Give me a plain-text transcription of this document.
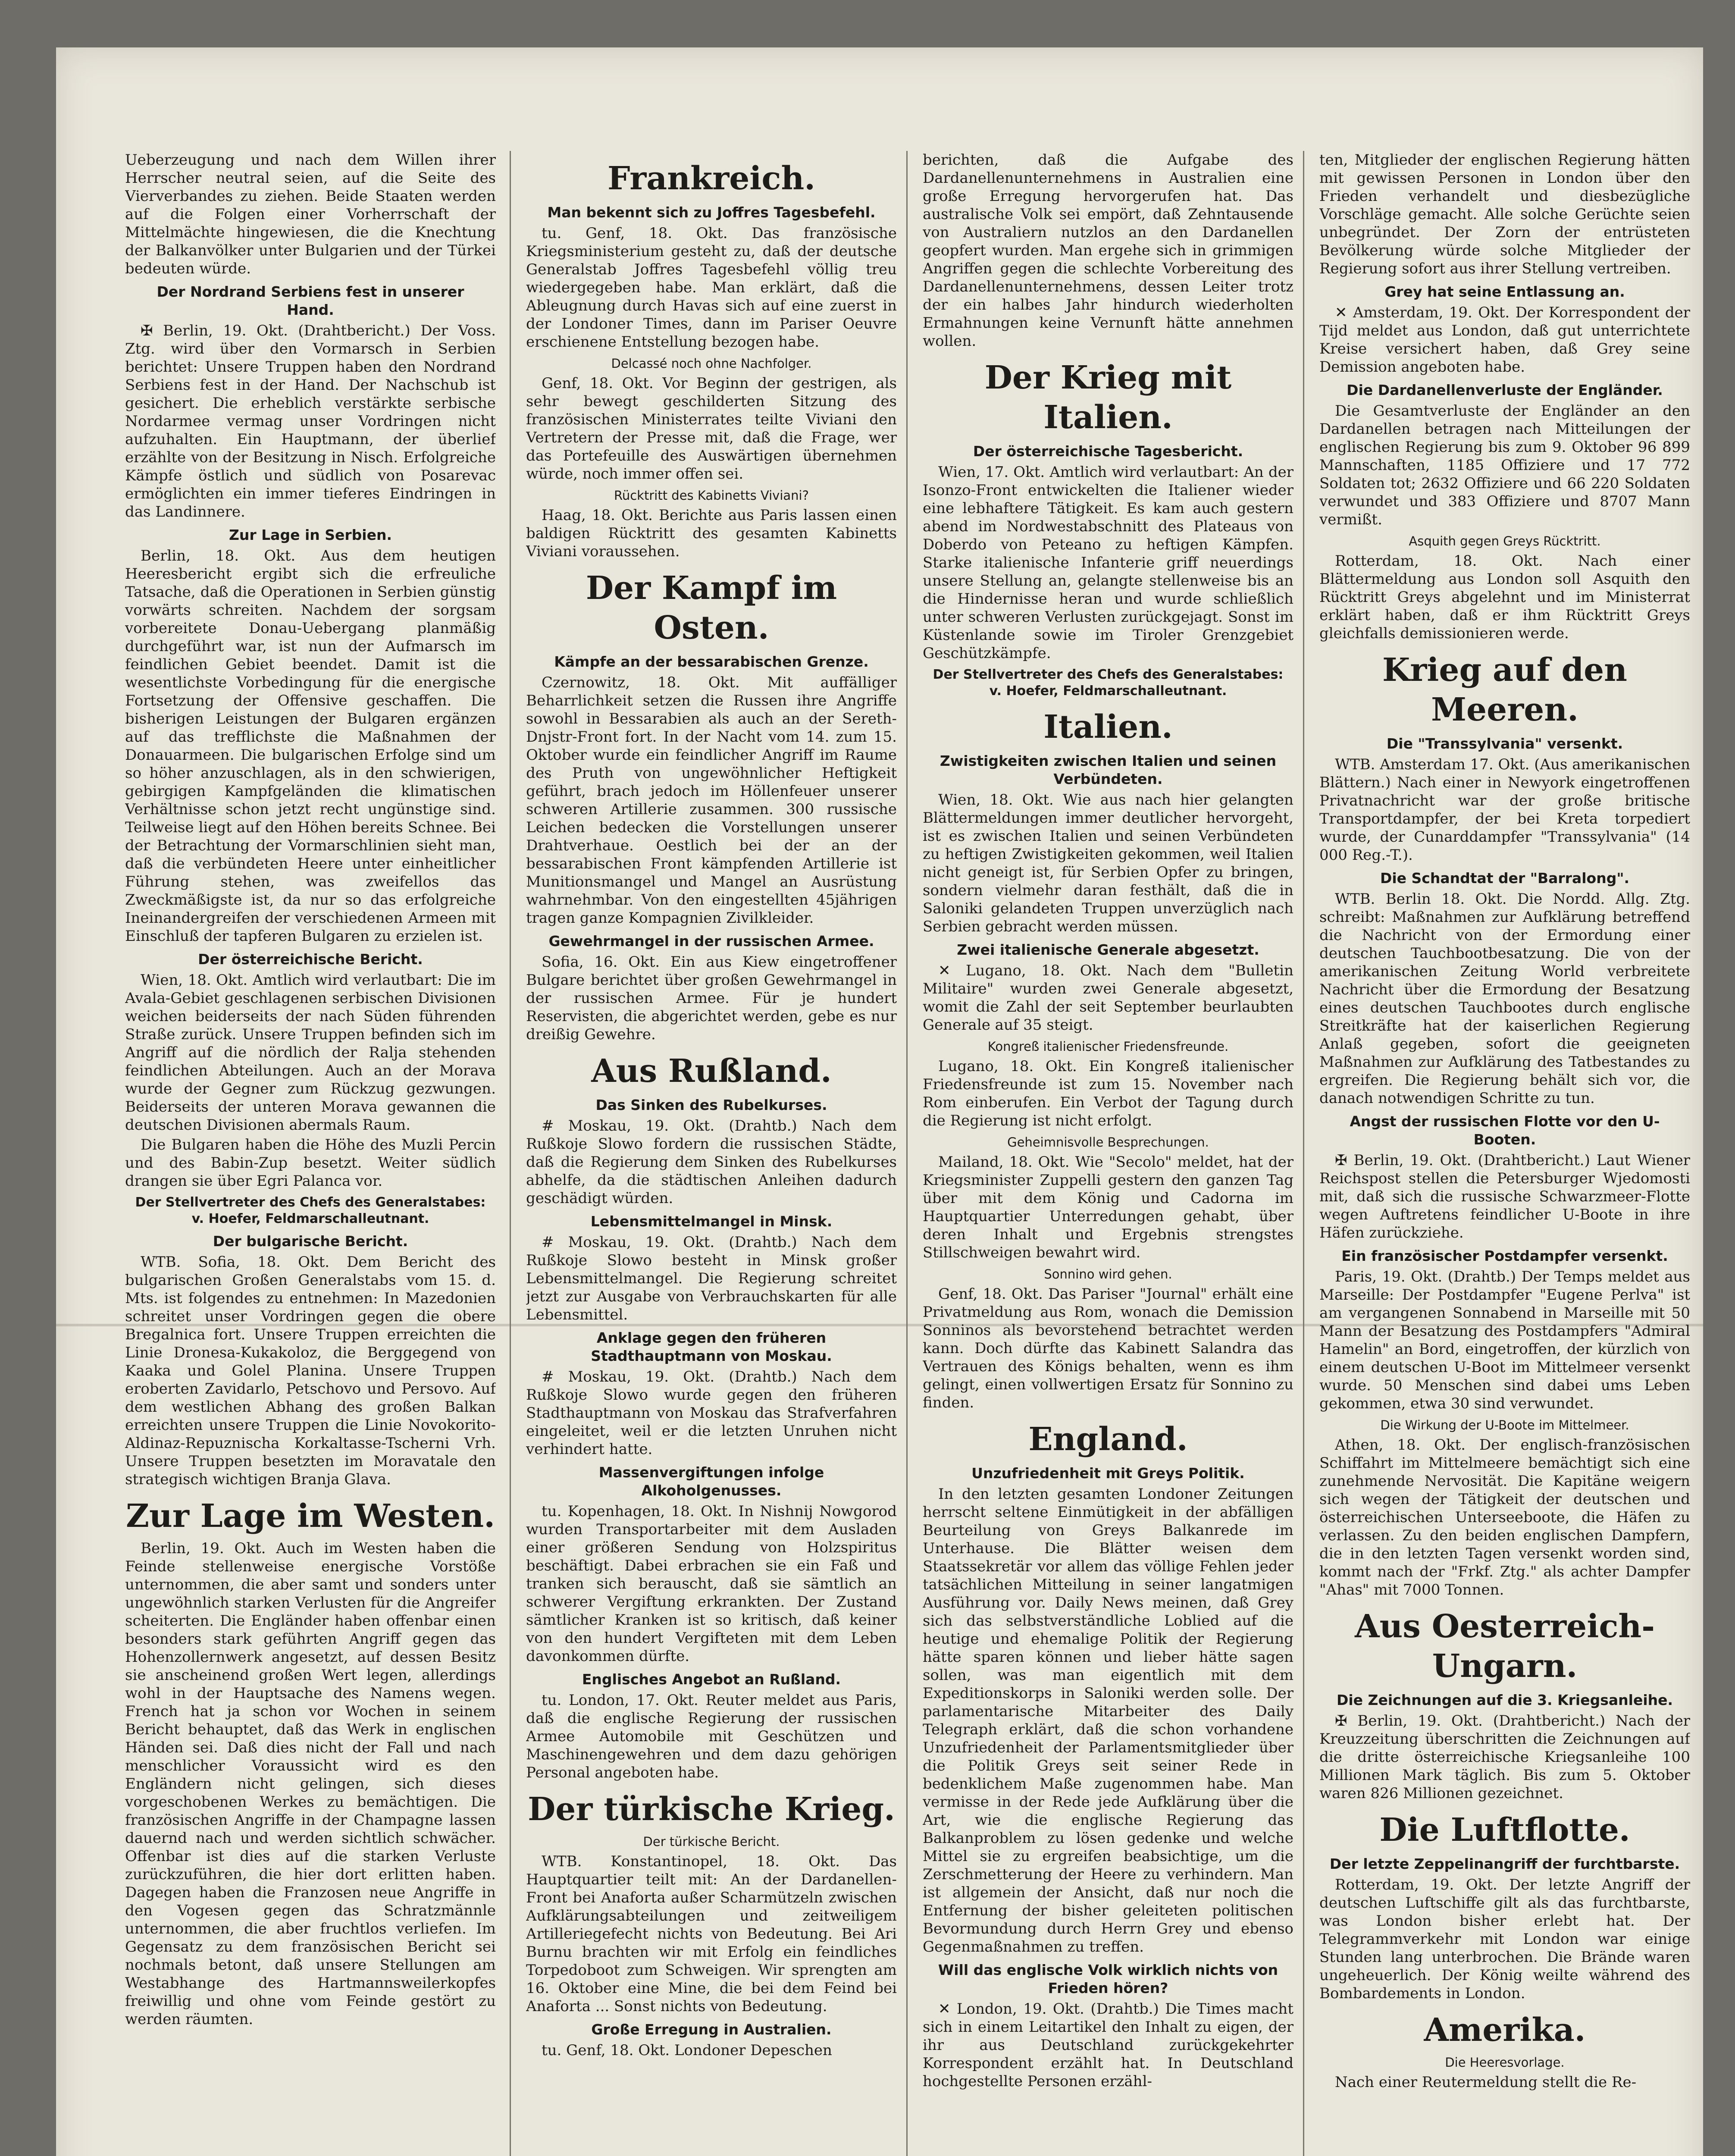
Ueberzeugung und nach dem Willen ihrer Herrscher neutral seien, auf die Seite des Vierverbandes zu ziehen. Beide Staaten werden auf die Folgen einer Vorherrschaft der Mittelmächte hingewiesen, die die Knechtung der Balkanvölker unter Bulgarien und der Türkei bedeuten würde.

Der Nordrand Serbiens fest in unserer Hand.

✠ Berlin, 19. Okt. (Drahtbericht.) Der Voss. Ztg. wird über den Vormarsch in Serbien berichtet: Unsere Truppen haben den Nordrand Serbiens fest in der Hand. Der Nachschub ist gesichert. Die erheblich verstärkte serbische Nordarmee vermag unser Vordringen nicht aufzuhalten. Ein Hauptmann, der überlief erzählte von der Besitzung in Nisch. Erfolgreiche Kämpfe östlich und südlich von Posarevac ermöglichten ein immer tieferes Eindringen in das Landinnere.

Zur Lage in Serbien.

Berlin, 18. Okt. Aus dem heutigen Heeresbericht ergibt sich die erfreuliche Tatsache, daß die Operationen in Serbien günstig vorwärts schreiten. Nachdem der sorgsam vorbereitete Donau-Uebergang planmäßig durchgeführt war, ist nun der Aufmarsch im feindlichen Gebiet beendet. Damit ist die wesentlichste Vorbedingung für die energische Fortsetzung der Offensive geschaffen. Die bisherigen Leistungen der Bulgaren ergänzen auf das trefflichste die Maßnahmen der Donauarmeen. Die bulgarischen Erfolge sind um so höher anzuschlagen, als in den schwierigen, gebirgigen Kampfgeländen die klimatischen Verhältnisse schon jetzt recht ungünstige sind. Teilweise liegt auf den Höhen bereits Schnee. Bei der Betrachtung der Vormarschlinien sieht man, daß die verbündeten Heere unter einheitlicher Führung stehen, was zweifellos das Zweckmäßigste ist, da nur so das erfolgreiche Ineinandergreifen der verschiedenen Armeen mit Einschluß der tapferen Bulgaren zu erzielen ist.

Der österreichische Bericht.

Wien, 18. Okt. Amtlich wird verlautbart: Die im Avala-Gebiet geschlagenen serbischen Divisionen weichen beiderseits der nach Süden führenden Straße zurück. Unsere Truppen befinden sich im Angriff auf die nördlich der Ralja stehenden feindlichen Abteilungen. Auch an der Morava wurde der Gegner zum Rückzug gezwungen. Beiderseits der unteren Morava gewannen die deutschen Divisionen abermals Raum.

Die Bulgaren haben die Höhe des Muzli Percin und des Babin-Zup besetzt. Weiter südlich drangen sie über Egri Palanca vor.

Der Stellvertreter des Chefs des Generalstabes: v. Hoefer, Feldmarschalleutnant.
Der bulgarische Bericht.

WTB. Sofia, 18. Okt. Dem Bericht des bulgarischen Großen Generalstabs vom 15. d. Mts. ist folgendes zu entnehmen: In Mazedonien schreitet unser Vordringen gegen die obere Bregalnica fort. Unsere Truppen erreichten die Linie Dronesa-Kukakoloz, die Berggegend von Kaaka und Golel Planina. Unsere Truppen eroberten Zavidarlo, Petschovo und Persovo. Auf dem westlichen Abhang des großen Balkan erreichten unsere Truppen die Linie Novokorito-Aldinaz-Repuznischa Korkaltasse-Tscherni Vrh. Unsere Truppen besetzten im Moravatale den strategisch wichtigen Branja Glava.

Zur Lage im Westen.

Berlin, 19. Okt. Auch im Westen haben die Feinde stellenweise energische Vorstöße unternommen, die aber samt und sonders unter ungewöhnlich starken Verlusten für die Angreifer scheiterten. Die Engländer haben offenbar einen besonders stark geführten Angriff gegen das Hohenzollernwerk angesetzt, auf dessen Besitz sie anscheinend großen Wert legen, allerdings wohl in der Hauptsache des Namens wegen. French hat ja schon vor Wochen in seinem Bericht behauptet, daß das Werk in englischen Händen sei. Daß dies nicht der Fall und nach menschlicher Voraussicht wird es den Engländern nicht gelingen, sich dieses vorgeschobenen Werkes zu bemächtigen. Die französischen Angriffe in der Champagne lassen dauernd nach und werden sichtlich schwächer. Offenbar ist dies auf die starken Verluste zurückzuführen, die hier dort erlitten haben. Dagegen haben die Franzosen neue Angriffe in den Vogesen gegen das Schratzmännle unternommen, die aber fruchtlos verliefen. Im Gegensatz zu dem französischen Bericht sei nochmals betont, daß unsere Stellungen am Westabhange des Hartmannsweilerkopfes freiwillig und ohne vom Feinde gestört zu werden räumten.

Frankreich.
Man bekennt sich zu Joffres Tagesbefehl.

tu. Genf, 18. Okt. Das französische Kriegsministerium gesteht zu, daß der deutsche Generalstab Joffres Tagesbefehl völlig treu wiedergegeben habe. Man erklärt, daß die Ableugnung durch Havas sich auf eine zuerst in der Londoner Times, dann im Pariser Oeuvre erschienene Entstellung bezogen habe.

Delcassé noch ohne Nachfolger.

Genf, 18. Okt. Vor Beginn der gestrigen, als sehr bewegt geschilderten Sitzung des französischen Ministerrates teilte Viviani den Vertretern der Presse mit, daß die Frage, wer das Portefeuille des Auswärtigen übernehmen würde, noch immer offen sei.

Rücktritt des Kabinetts Viviani?

Haag, 18. Okt. Berichte aus Paris lassen einen baldigen Rücktritt des gesamten Kabinetts Viviani voraussehen.

Der Kampf im Osten.
Kämpfe an der bessarabischen Grenze.

Czernowitz, 18. Okt. Mit auffälliger Beharrlichkeit setzen die Russen ihre Angriffe sowohl in Bessarabien als auch an der Sereth-Dnjstr-Front fort. In der Nacht vom 14. zum 15. Oktober wurde ein feindlicher Angriff im Raume des Pruth von ungewöhnlicher Heftigkeit geführt, brach jedoch im Höllenfeuer unserer schweren Artillerie zusammen. 300 russische Leichen bedecken die Vorstellungen unserer Drahtverhaue. Oestlich bei der an der bessarabischen Front kämpfenden Artillerie ist Munitionsmangel und Mangel an Ausrüstung wahrnehmbar. Von den eingestellten 45jährigen tragen ganze Kompagnien Zivilkleider.

Gewehrmangel in der russischen Armee.

Sofia, 16. Okt. Ein aus Kiew eingetroffener Bulgare berichtet über großen Gewehrmangel in der russischen Armee. Für je hundert Reservisten, die abgerichtet werden, gebe es nur dreißig Gewehre.

Aus Rußland.
Das Sinken des Rubelkurses.

# Moskau, 19. Okt. (Drahtb.) Nach dem Rußkoje Slowo fordern die russischen Städte, daß die Regierung dem Sinken des Rubelkurses abhelfe, da die städtischen Anleihen dadurch geschädigt würden.

Lebensmittelmangel in Minsk.

# Moskau, 19. Okt. (Drahtb.) Nach dem Rußkoje Slowo besteht in Minsk großer Lebensmittelmangel. Die Regierung schreitet jetzt zur Ausgabe von Verbrauchskarten für alle Lebensmittel.

Anklage gegen den früheren Stadthauptmann von Moskau.

# Moskau, 19. Okt. (Drahtb.) Nach dem Rußkoje Slowo wurde gegen den früheren Stadthauptmann von Moskau das Strafverfahren eingeleitet, weil er die letzten Unruhen nicht verhindert hatte.

Massenvergiftungen infolge Alkoholgenusses.

tu. Kopenhagen, 18. Okt. In Nishnij Nowgorod wurden Transportarbeiter mit dem Ausladen einer größeren Sendung von Holzspiritus beschäftigt. Dabei erbrachen sie ein Faß und tranken sich berauscht, daß sie sämtlich an schwerer Vergiftung erkrankten. Der Zustand sämtlicher Kranken ist so kritisch, daß keiner von den hundert Vergifteten mit dem Leben davonkommen dürfte.

Englisches Angebot an Rußland.

tu. London, 17. Okt. Reuter meldet aus Paris, daß die englische Regierung der russischen Armee Automobile mit Geschützen und Maschinengewehren und dem dazu gehörigen Personal angeboten habe.

Der türkische Krieg.
Der türkische Bericht.

WTB. Konstantinopel, 18. Okt. Das Hauptquartier teilt mit: An der Dardanellen-Front bei Anaforta außer Scharmützeln zwischen Aufklärungsabteilungen und zeitweiligem Artilleriegefecht nichts von Bedeutung. Bei Ari Burnu brachten wir mit Erfolg ein feindliches Torpedoboot zum Schweigen. Wir sprengten am 16. Oktober eine Mine, die bei dem Feind bei Anaforta ... Sonst nichts von Bedeutung.

Große Erregung in Australien.

tu. Genf, 18. Okt. Londoner Depeschen

berichten, daß die Aufgabe des Dardanellenunternehmens in Australien eine große Erregung hervorgerufen hat. Das australische Volk sei empört, daß Zehntausende von Australiern nutzlos an den Dardanellen geopfert wurden. Man ergehe sich in grimmigen Angriffen gegen die schlechte Vorbereitung des Dardanellenunternehmens, dessen Leiter trotz der ein halbes Jahr hindurch wiederholten Ermahnungen keine Vernunft hätte annehmen wollen.

Der Krieg mit Italien.
Der österreichische Tagesbericht.

Wien, 17. Okt. Amtlich wird verlautbart: An der Isonzo-Front entwickelten die Italiener wieder eine lebhaftere Tätigkeit. Es kam auch gestern abend im Nordwestabschnitt des Plateaus von Doberdo von Peteano zu heftigen Kämpfen. Starke italienische Infanterie griff neuerdings unsere Stellung an, gelangte stellenweise bis an die Hindernisse heran und wurde schließlich unter schweren Verlusten zurückgejagt. Sonst im Küstenlande sowie im Tiroler Grenzgebiet Geschützkämpfe.

Der Stellvertreter des Chefs des Generalstabes: v. Hoefer, Feldmarschalleutnant.
Italien.
Zwistigkeiten zwischen Italien und seinen Verbündeten.

Wien, 18. Okt. Wie aus nach hier gelangten Blättermeldungen immer deutlicher hervorgeht, ist es zwischen Italien und seinen Verbündeten zu heftigen Zwistigkeiten gekommen, weil Italien nicht geneigt ist, für Serbien Opfer zu bringen, sondern vielmehr daran festhält, daß die in Saloniki gelandeten Truppen unverzüglich nach Serbien gebracht werden müssen.

Zwei italienische Generale abgesetzt.

✕ Lugano, 18. Okt. Nach dem "Bulletin Militaire" wurden zwei Generale abgesetzt, womit die Zahl der seit September beurlaubten Generale auf 35 steigt.

Kongreß italienischer Friedensfreunde.

Lugano, 18. Okt. Ein Kongreß italienischer Friedensfreunde ist zum 15. November nach Rom einberufen. Ein Verbot der Tagung durch die Regierung ist nicht erfolgt.

Geheimnisvolle Besprechungen.

Mailand, 18. Okt. Wie "Secolo" meldet, hat der Kriegsminister Zuppelli gestern den ganzen Tag über mit dem König und Cadorna im Hauptquartier Unterredungen gehabt, über deren Inhalt und Ergebnis strengstes Stillschweigen bewahrt wird.

Sonnino wird gehen.

Genf, 18. Okt. Das Pariser "Journal" erhält eine Privatmeldung aus Rom, wonach die Demission Sonninos als bevorstehend betrachtet werden kann. Doch dürfte das Kabinett Salandra das Vertrauen des Königs behalten, wenn es ihm gelingt, einen vollwertigen Ersatz für Sonnino zu finden.

England.
Unzufriedenheit mit Greys Politik.

In den letzten gesamten Londoner Zeitungen herrscht seltene Einmütigkeit in der abfälligen Beurteilung von Greys Balkanrede im Unterhause. Die Blätter weisen dem Staatssekretär vor allem das völlige Fehlen jeder tatsächlichen Mitteilung in seiner langatmigen Ausführung vor. Daily News meinen, daß Grey sich das selbstverständliche Loblied auf die heutige und ehemalige Politik der Regierung hätte sparen können und lieber hätte sagen sollen, was man eigentlich mit dem Expeditionskorps in Saloniki werden solle. Der parlamentarische Mitarbeiter des Daily Telegraph erklärt, daß die schon vorhandene Unzufriedenheit der Parlamentsmitglieder über die Politik Greys seit seiner Rede in bedenklichem Maße zugenommen habe. Man vermisse in der Rede jede Aufklärung über die Art, wie die englische Regierung das Balkanproblem zu lösen gedenke und welche Mittel sie zu ergreifen beabsichtige, um die Zerschmetterung der Heere zu verhindern. Man ist allgemein der Ansicht, daß nur noch die Entfernung der bisher geleiteten politischen Bevormundung durch Herrn Grey und ebenso Gegenmaßnahmen zu treffen.

Will das englische Volk wirklich nichts von Frieden hören?

✕ London, 19. Okt. (Drahtb.) Die Times macht sich in einem Leitartikel den Inhalt zu eigen, der ihr aus Deutschland zurückgekehrter Korrespondent erzählt hat. In Deutschland hochgestellte Personen erzähl-

ten, Mitglieder der englischen Regierung hätten mit gewissen Personen in London über den Frieden verhandelt und diesbezügliche Vorschläge gemacht. Alle solche Gerüchte seien unbegründet. Der Zorn der entrüsteten Bevölkerung würde solche Mitglieder der Regierung sofort aus ihrer Stellung vertreiben.

Grey hat seine Entlassung an.

✕ Amsterdam, 19. Okt. Der Korrespondent der Tijd meldet aus London, daß gut unterrichtete Kreise versichert haben, daß Grey seine Demission angeboten habe.

Die Dardanellenverluste der Engländer.

Die Gesamtverluste der Engländer an den Dardanellen betragen nach Mitteilungen der englischen Regierung bis zum 9. Oktober 96 899 Mannschaften, 1185 Offiziere und 17 772 Soldaten tot; 2632 Offiziere und 66 220 Soldaten verwundet und 383 Offiziere und 8707 Mann vermißt.

Asquith gegen Greys Rücktritt.

Rotterdam, 18. Okt. Nach einer Blättermeldung aus London soll Asquith den Rücktritt Greys abgelehnt und im Ministerrat erklärt haben, daß er ihm Rücktritt Greys gleichfalls demissionieren werde.

Krieg auf den Meeren.
Die "Transsylvania" versenkt.

WTB. Amsterdam 17. Okt. (Aus amerikanischen Blättern.) Nach einer in Newyork eingetroffenen Privatnachricht war der große britische Transportdampfer, der bei Kreta torpediert wurde, der Cunarddampfer "Transsylvania" (14 000 Reg.-T.).

Die Schandtat der "Barralong".

WTB. Berlin 18. Okt. Die Nordd. Allg. Ztg. schreibt: Maßnahmen zur Aufklärung betreffend die Nachricht von der Ermordung einer deutschen Tauchbootbesatzung. Die von der amerikanischen Zeitung World verbreitete Nachricht über die Ermordung der Besatzung eines deutschen Tauchbootes durch englische Streitkräfte hat der kaiserlichen Regierung Anlaß gegeben, sofort die geeigneten Maßnahmen zur Aufklärung des Tatbestandes zu ergreifen. Die Regierung behält sich vor, die danach notwendigen Schritte zu tun.

Angst der russischen Flotte vor den U-Booten.

✠ Berlin, 19. Okt. (Drahtbericht.) Laut Wiener Reichspost stellen die Petersburger Wjedomosti mit, daß sich die russische Schwarzmeer-Flotte wegen Auftretens feindlicher U-Boote in ihre Häfen zurückziehe.

Ein französischer Postdampfer versenkt.

Paris, 19. Okt. (Drahtb.) Der Temps meldet aus Marseille: Der Postdampfer "Eugene Perlva" ist am vergangenen Sonnabend in Marseille mit 50 Mann der Besatzung des Postdampfers "Admiral Hamelin" an Bord, eingetroffen, der kürzlich von einem deutschen U-Boot im Mittelmeer versenkt wurde. 50 Menschen sind dabei ums Leben gekommen, etwa 30 sind verwundet.

Die Wirkung der U-Boote im Mittelmeer.

Athen, 18. Okt. Der englisch-französischen Schiffahrt im Mittelmeere bemächtigt sich eine zunehmende Nervosität. Die Kapitäne weigern sich wegen der Tätigkeit der deutschen und österreichischen Unterseeboote, die Häfen zu verlassen. Zu den beiden englischen Dampfern, die in den letzten Tagen versenkt worden sind, kommt nach der "Frkf. Ztg." als achter Dampfer "Ahas" mit 7000 Tonnen.

Aus Oesterreich-Ungarn.
Die Zeichnungen auf die 3. Kriegsanleihe.

✠ Berlin, 19. Okt. (Drahtbericht.) Nach der Kreuzzeitung überschritten die Zeichnungen auf die dritte österreichische Kriegsanleihe 100 Millionen Mark täglich. Bis zum 5. Oktober waren 826 Millionen gezeichnet.

Die Luftflotte.
Der letzte Zeppelinangriff der furchtbarste.

Rotterdam, 19. Okt. Der letzte Angriff der deutschen Luftschiffe gilt als das furchtbarste, was London bisher erlebt hat. Der Telegrammverkehr mit London war einige Stunden lang unterbrochen. Die Brände waren ungeheuerlich. Der König weilte während des Bombardements in London.

Amerika.
Die Heeresvorlage.

Nach einer Reutermeldung stellt die Re-
